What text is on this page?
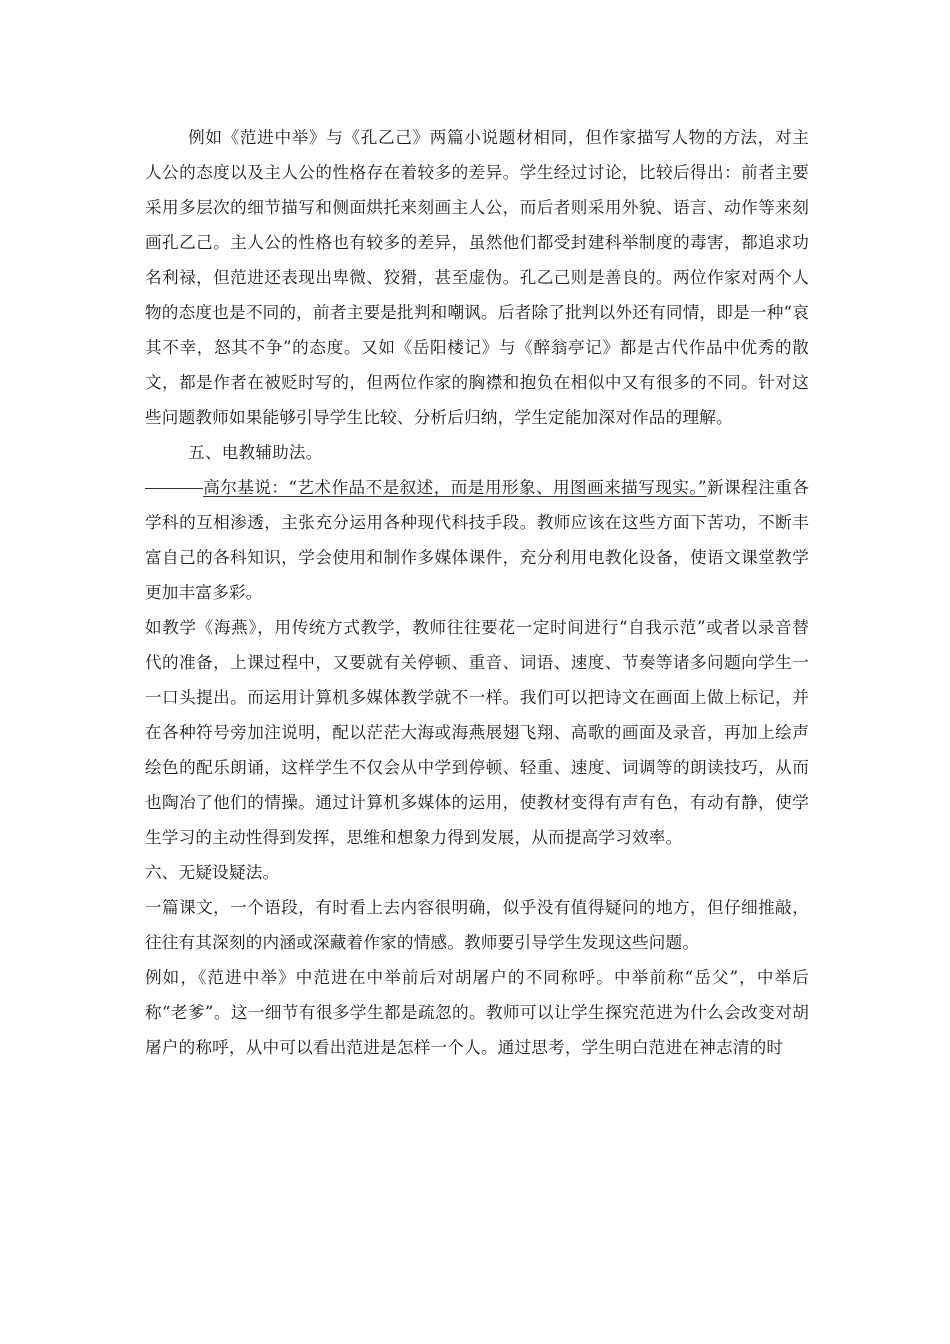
例如《范进中举》与《孔乙己》两篇小说题材相同，但作家描写人物的方法，对主人公的态度以及主人公的性格存在着较多的差异。学生经过讨论，比较后得出：前者主要采用多层次的细节描写和侧面烘托来刻画主人公，而后者则采用外貌、语言、动作等来刻画孔乙己。主人公的性格也有较多的差异，虽然他们都受封建科举制度的毒害，都追求功名利禄，但范进还表现出卑微、狡猾，甚至虚伪。孔乙己则是善良的。两位作家对两个人物的态度也是不同的，前者主要是批判和嘲讽。后者除了批判以外还有同情，即是一种“哀其不幸，怒其不争”的态度。又如《岳阳楼记》与《醉翁亭记》都是古代作品中优秀的散文，都是作者在被贬时写的，但两位作家的胸襟和抱负在相似中又有很多的不同。针对这些问题教师如果能够引导学生比较、分析后归纳，学生定能加深对作品的理解。

五、电教辅助法。

高尔基说：“艺术作品不是叙述，而是用形象、用图画来描写现实。”新课程注重各学科的互相渗透，主张充分运用各种现代科技手段。教师应该在这些方面下苦功，不断丰富自己的各科知识，学会使用和制作多媒体课件，充分利用电教化设备，使语文课堂教学更加丰富多彩。

如教学《海燕》，用传统方式教学，教师往往要花一定时间进行“自我示范”或者以录音替代的准备，上课过程中，又要就有关停顿、重音、词语、速度、节奏等诸多问题向学生一一口头提出。而运用计算机多媒体教学就不一样。我们可以把诗文在画面上做上标记，并在各种符号旁加注说明，配以茫茫大海或海燕展翅飞翔、高歌的画面及录音，再加上绘声绘色的配乐朗诵，这样学生不仅会从中学到停顿、轻重、速度、词调等的朗读技巧，从而也陶冶了他们的情操。通过计算机多媒体的运用，使教材变得有声有色，有动有静，使学生学习的主动性得到发挥，思维和想象力得到发展，从而提高学习效率。

六、无疑设疑法。

一篇课文，一个语段，有时看上去内容很明确，似乎没有值得疑问的地方，但仔细推敲，往往有其深刻的内涵或深藏着作家的情感。教师要引导学生发现这些问题。

例如，《范进中举》中范进在中举前后对胡屠户的不同称呼。中举前称“岳父”，中举后称“老爹”。这一细节有很多学生都是疏忽的。教师可以让学生探究范进为什么会改变对胡屠户的称呼，从中可以看出范进是怎样一个人。通过思考，学生明白范进在神志清的时
